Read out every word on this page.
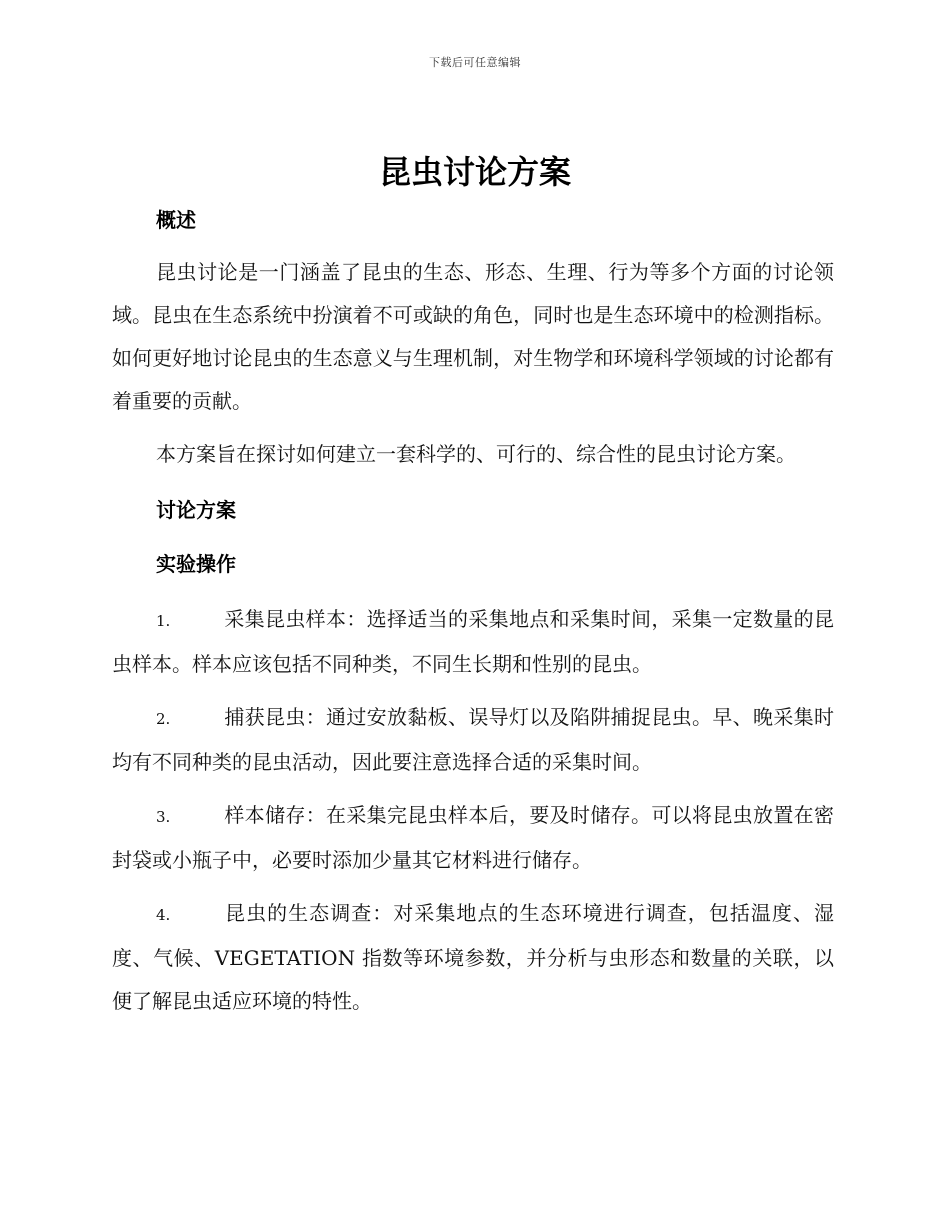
下载后可任意编辑
昆虫讨论方案

概述

昆虫讨论是一门涵盖了昆虫的生态、形态、生理、行为等多个方面的讨论领域。昆虫在生态系统中扮演着不可或缺的角色，同时也是生态环境中的检测指标。如何更好地讨论昆虫的生态意义与生理机制，对生物学和环境科学领域的讨论都有着重要的贡献。

本方案旨在探讨如何建立一套科学的、可行的、综合性的昆虫讨论方案。

讨论方案

实验操作

1.	采集昆虫样本：选择适当的采集地点和采集时间，采集一定数量的昆虫样本。样本应该包括不同种类，不同生长期和性别的昆虫。

2.	捕获昆虫：通过安放黏板、误导灯以及陷阱捕捉昆虫。早、晚采集时均有不同种类的昆虫活动，因此要注意选择合适的采集时间。

3.	样本储存：在采集完昆虫样本后，要及时储存。可以将昆虫放置在密封袋或小瓶子中，必要时添加少量其它材料进行储存。

4.	昆虫的生态调查：对采集地点的生态环境进行调查，包括温度、湿度、气候、VEGETATION 指数等环境参数，并分析与虫形态和数量的关联，以便了解昆虫适应环境的特性。
